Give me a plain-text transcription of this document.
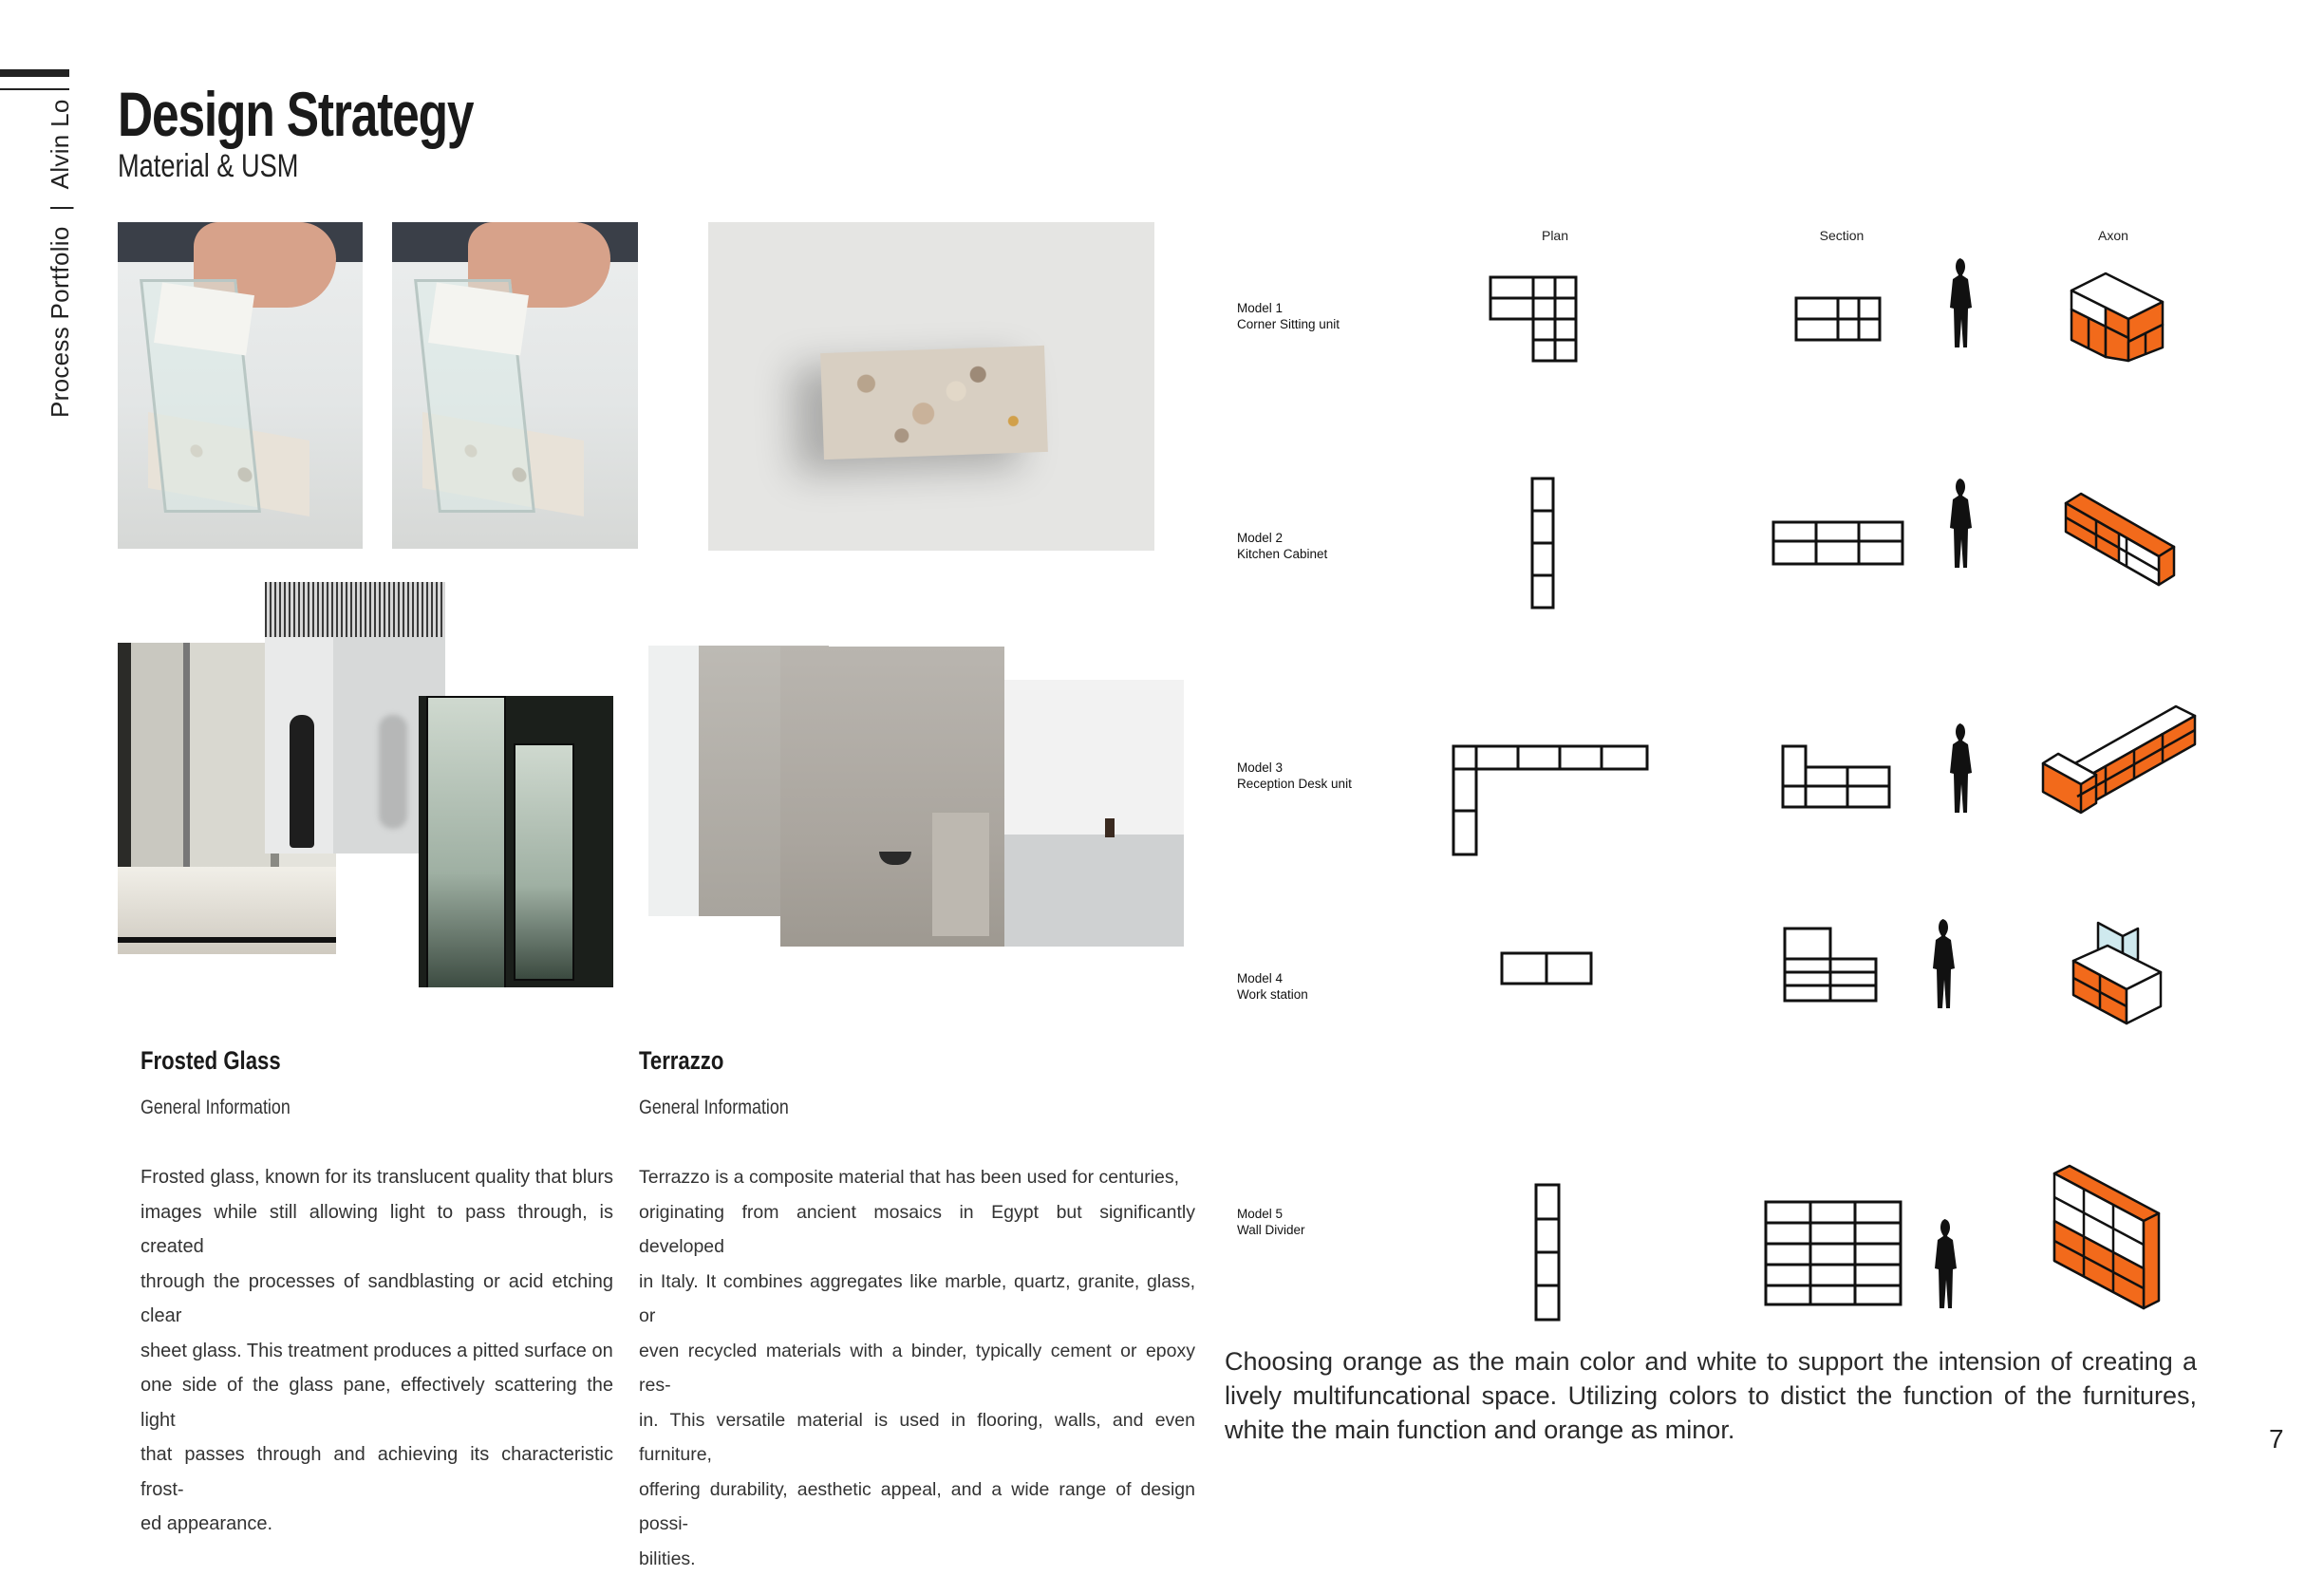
Process Portfolio|Alvin Lo Design Strategy
Material & USM
Frosted Glass
General Information
Frosted glass, known for its translucent quality that blurs
images while still allowing light to pass through, is created
through the processes of sandblasting or acid etching clear
sheet glass. This treatment produces a pitted surface on
one side of the glass pane, effectively scattering the light
that passes through and achieving its characteristic frost-
ed appearance.
Terrazzo
General Information
Terrazzo is a composite material that has been used for centuries,
originating from ancient mosaics in Egypt but significantly developed
in Italy. It combines aggregates like marble, quartz, granite, glass, or
even recycled materials with a binder, typically cement or epoxy res-
in. This versatile material is used in flooring, walls, and even furniture,
offering durability, aesthetic appeal, and a wide range of design possi-
bilities.
Plan	Section	Axon
Model 1
Corner Sitting unit
Model 2
Kitchen Cabinet
Model 3
Reception Desk unit
Model 4
Work station
Model 5
Wall Divider
Choosing orange as the main color and white to support the intension of creating a lively multifuncational space. Utilizing colors to distict the function of the furnitures, white the main function and orange as minor.	7
